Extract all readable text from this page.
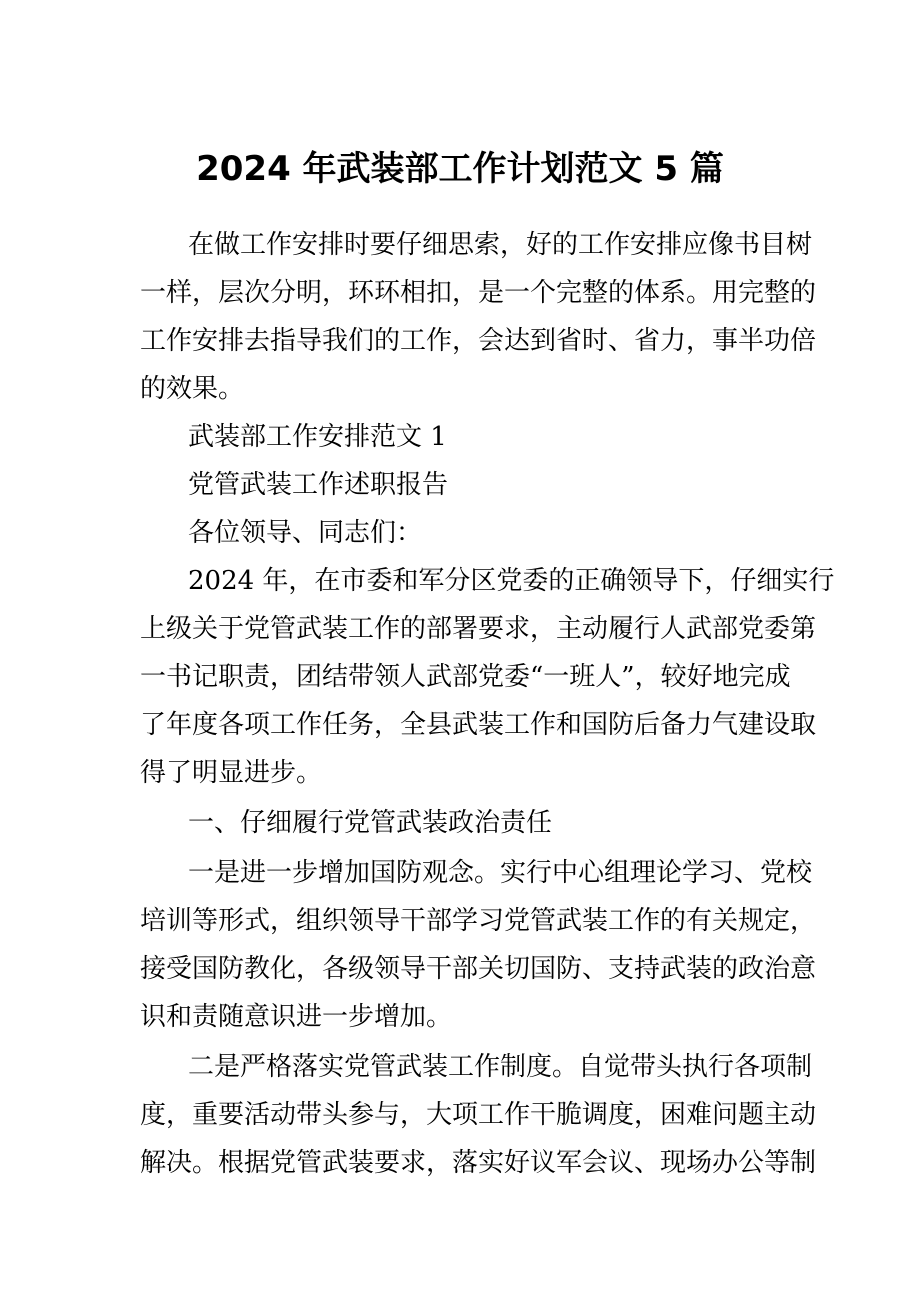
2024 年武装部工作计划范文 5 篇

在做工作安排时要仔细思索，好的工作安排应像书目树

一样，层次分明，环环相扣，是一个完整的体系。用完整的

工作安排去指导我们的工作，会达到省时、省力，事半功倍

的效果。

武装部工作安排范文 1

党管武装工作述职报告

各位领导、同志们：

2024 年，在市委和军分区党委的正确领导下，仔细实行

上级关于党管武装工作的部署要求，主动履行人武部党委第

一书记职责，团结带领人武部党委“一班人”，较好地完成

了年度各项工作任务，全县武装工作和国防后备力气建设取

得了明显进步。

一、仔细履行党管武装政治责任

一是进一步增加国防观念。实行中心组理论学习、党校

培训等形式，组织领导干部学习党管武装工作的有关规定，

接受国防教化，各级领导干部关切国防、支持武装的政治意

识和责随意识进一步增加。

二是严格落实党管武装工作制度。自觉带头执行各项制

度，重要活动带头参与，大项工作干脆调度，困难问题主动

解决。根据党管武装要求，落实好议军会议、现场办公等制
